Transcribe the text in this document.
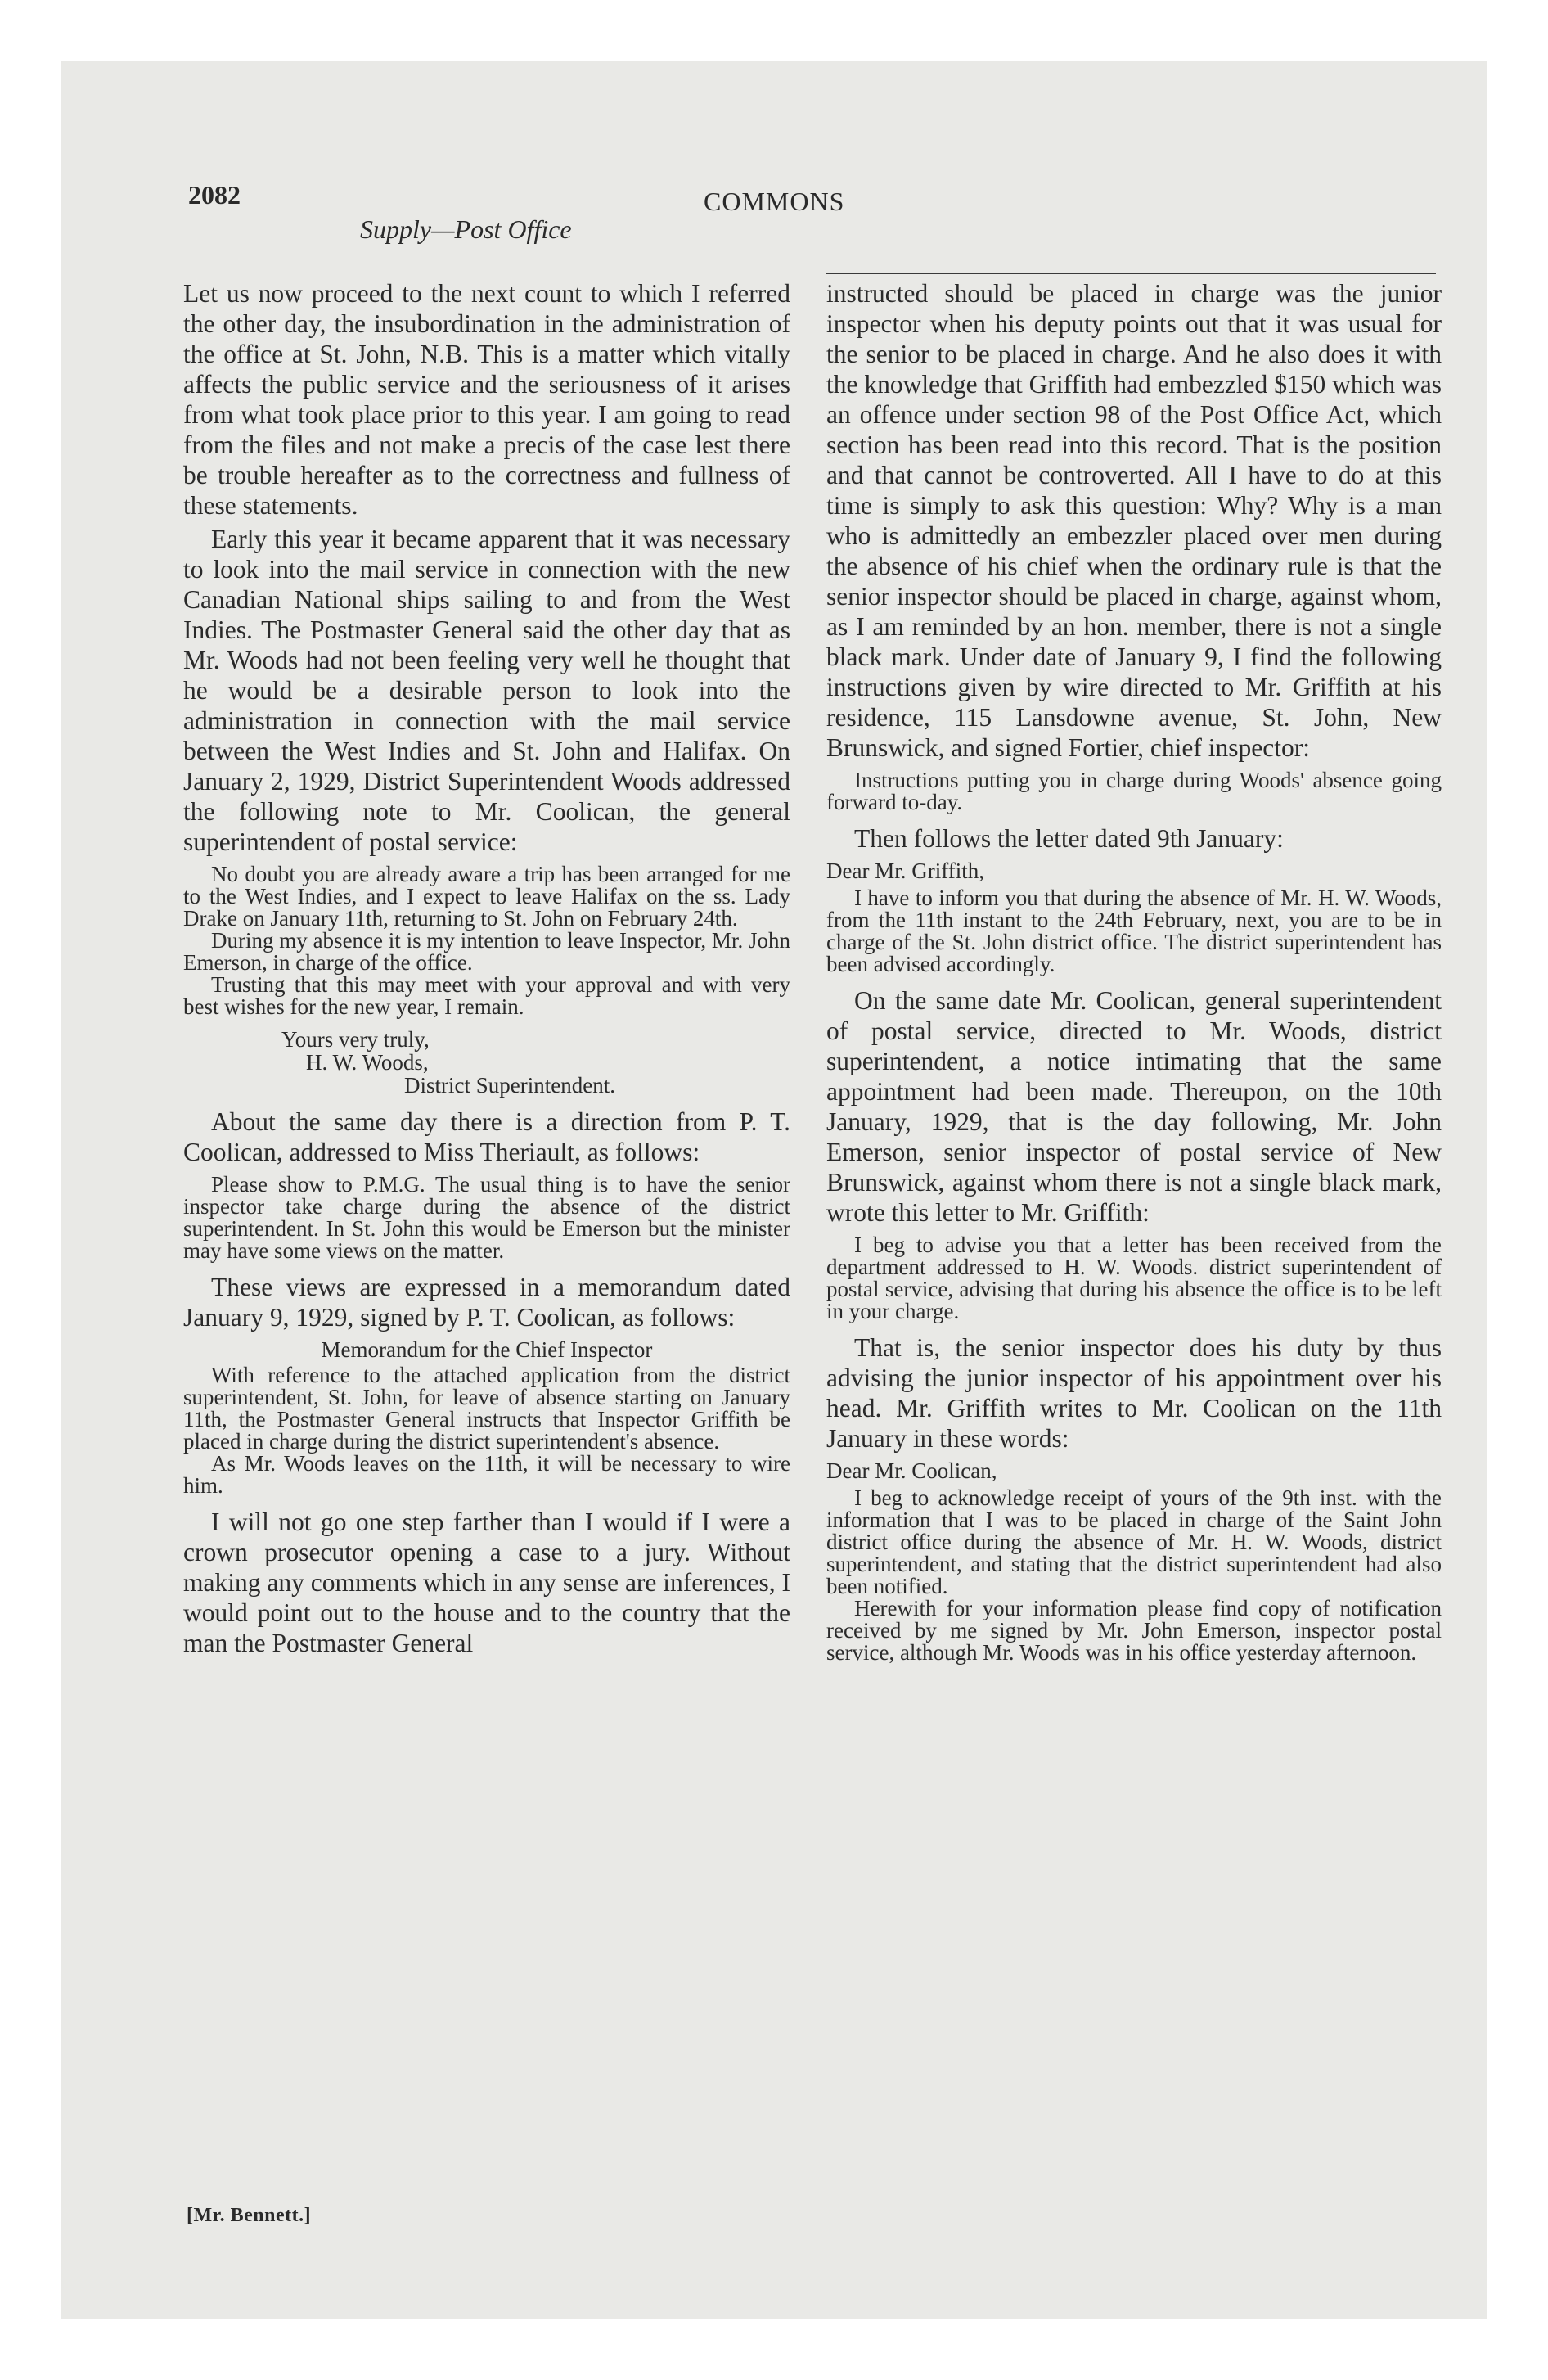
2082	COMMONS
Supply—Post Office

Let us now proceed to the next count to which I referred the other day, the insubordination in the administration of the office at St. John, N.B. This is a matter which vitally affects the public service and the seriousness of it arises from what took place prior to this year. I am going to read from the files and not make a precis of the case lest there be trouble hereafter as to the correctness and fullness of these statements.

Early this year it became apparent that it was necessary to look into the mail service in connection with the new Canadian National ships sailing to and from the West Indies. The Postmaster General said the other day that as Mr. Woods had not been feeling very well he thought that he would be a desirable person to look into the administration in connection with the mail service between the West Indies and St. John and Halifax. On January 2, 1929, District Superintendent Woods addressed the following note to Mr. Coolican, the general superintendent of postal service:

No doubt you are already aware a trip has been arranged for me to the West Indies, and I expect to leave Halifax on the ss. Lady Drake on January 11th, returning to St. John on February 24th.

During my absence it is my intention to leave Inspector, Mr. John Emerson, in charge of the office.

Trusting that this may meet with your approval and with very best wishes for the new year, I remain.

Yours very truly,
H. W. Woods,
District Superintendent.

About the same day there is a direction from P. T. Coolican, addressed to Miss Theriault, as follows:

Please show to P.M.G. The usual thing is to have the senior inspector take charge during the absence of the district superintendent. In St. John this would be Emerson but the minister may have some views on the matter.

These views are expressed in a memorandum dated January 9, 1929, signed by P. T. Coolican, as follows:

Memorandum for the Chief Inspector

With reference to the attached application from the district superintendent, St. John, for leave of absence starting on January 11th, the Postmaster General instructs that Inspector Griffith be placed in charge during the district superintendent's absence.

As Mr. Woods leaves on the 11th, it will be necessary to wire him.

I will not go one step farther than I would if I were a crown prosecutor opening a case to a jury. Without making any comments which in any sense are inferences, I would point out to the house and to the country that the man the Postmaster General

[Mr. Bennett.]

instructed should be placed in charge was the junior inspector when his deputy points out that it was usual for the senior to be placed in charge. And he also does it with the knowledge that Griffith had embezzled $150 which was an offence under section 98 of the Post Office Act, which section has been read into this record. That is the position and that cannot be controverted. All I have to do at this time is simply to ask this question: Why? Why is a man who is admittedly an embezzler placed over men during the absence of his chief when the ordinary rule is that the senior inspector should be placed in charge, against whom, as I am reminded by an hon. member, there is not a single black mark. Under date of January 9, I find the following instructions given by wire directed to Mr. Griffith at his residence, 115 Lansdowne avenue, St. John, New Brunswick, and signed Fortier, chief inspector:

Instructions putting you in charge during Woods' absence going forward to-day.

Then follows the letter dated 9th January:

Dear Mr. Griffith,

I have to inform you that during the absence of Mr. H. W. Woods, from the 11th instant to the 24th February, next, you are to be in charge of the St. John district office. The district superintendent has been advised accordingly.

On the same date Mr. Coolican, general superintendent of postal service, directed to Mr. Woods, district superintendent, a notice intimating that the same appointment had been made. Thereupon, on the 10th January, 1929, that is the day following, Mr. John Emerson, senior inspector of postal service of New Brunswick, against whom there is not a single black mark, wrote this letter to Mr. Griffith:

I beg to advise you that a letter has been received from the department addressed to H. W. Woods. district superintendent of postal service, advising that during his absence the office is to be left in your charge.

That is, the senior inspector does his duty by thus advising the junior inspector of his appointment over his head. Mr. Griffith writes to Mr. Coolican on the 11th January in these words:

Dear Mr. Coolican,

I beg to acknowledge receipt of yours of the 9th inst. with the information that I was to be placed in charge of the Saint John district office during the absence of Mr. H. W. Woods, district superintendent, and stating that the district superintendent had also been notified.

Herewith for your information please find copy of notification received by me signed by Mr. John Emerson, inspector postal service, although Mr. Woods was in his office yesterday afternoon.
